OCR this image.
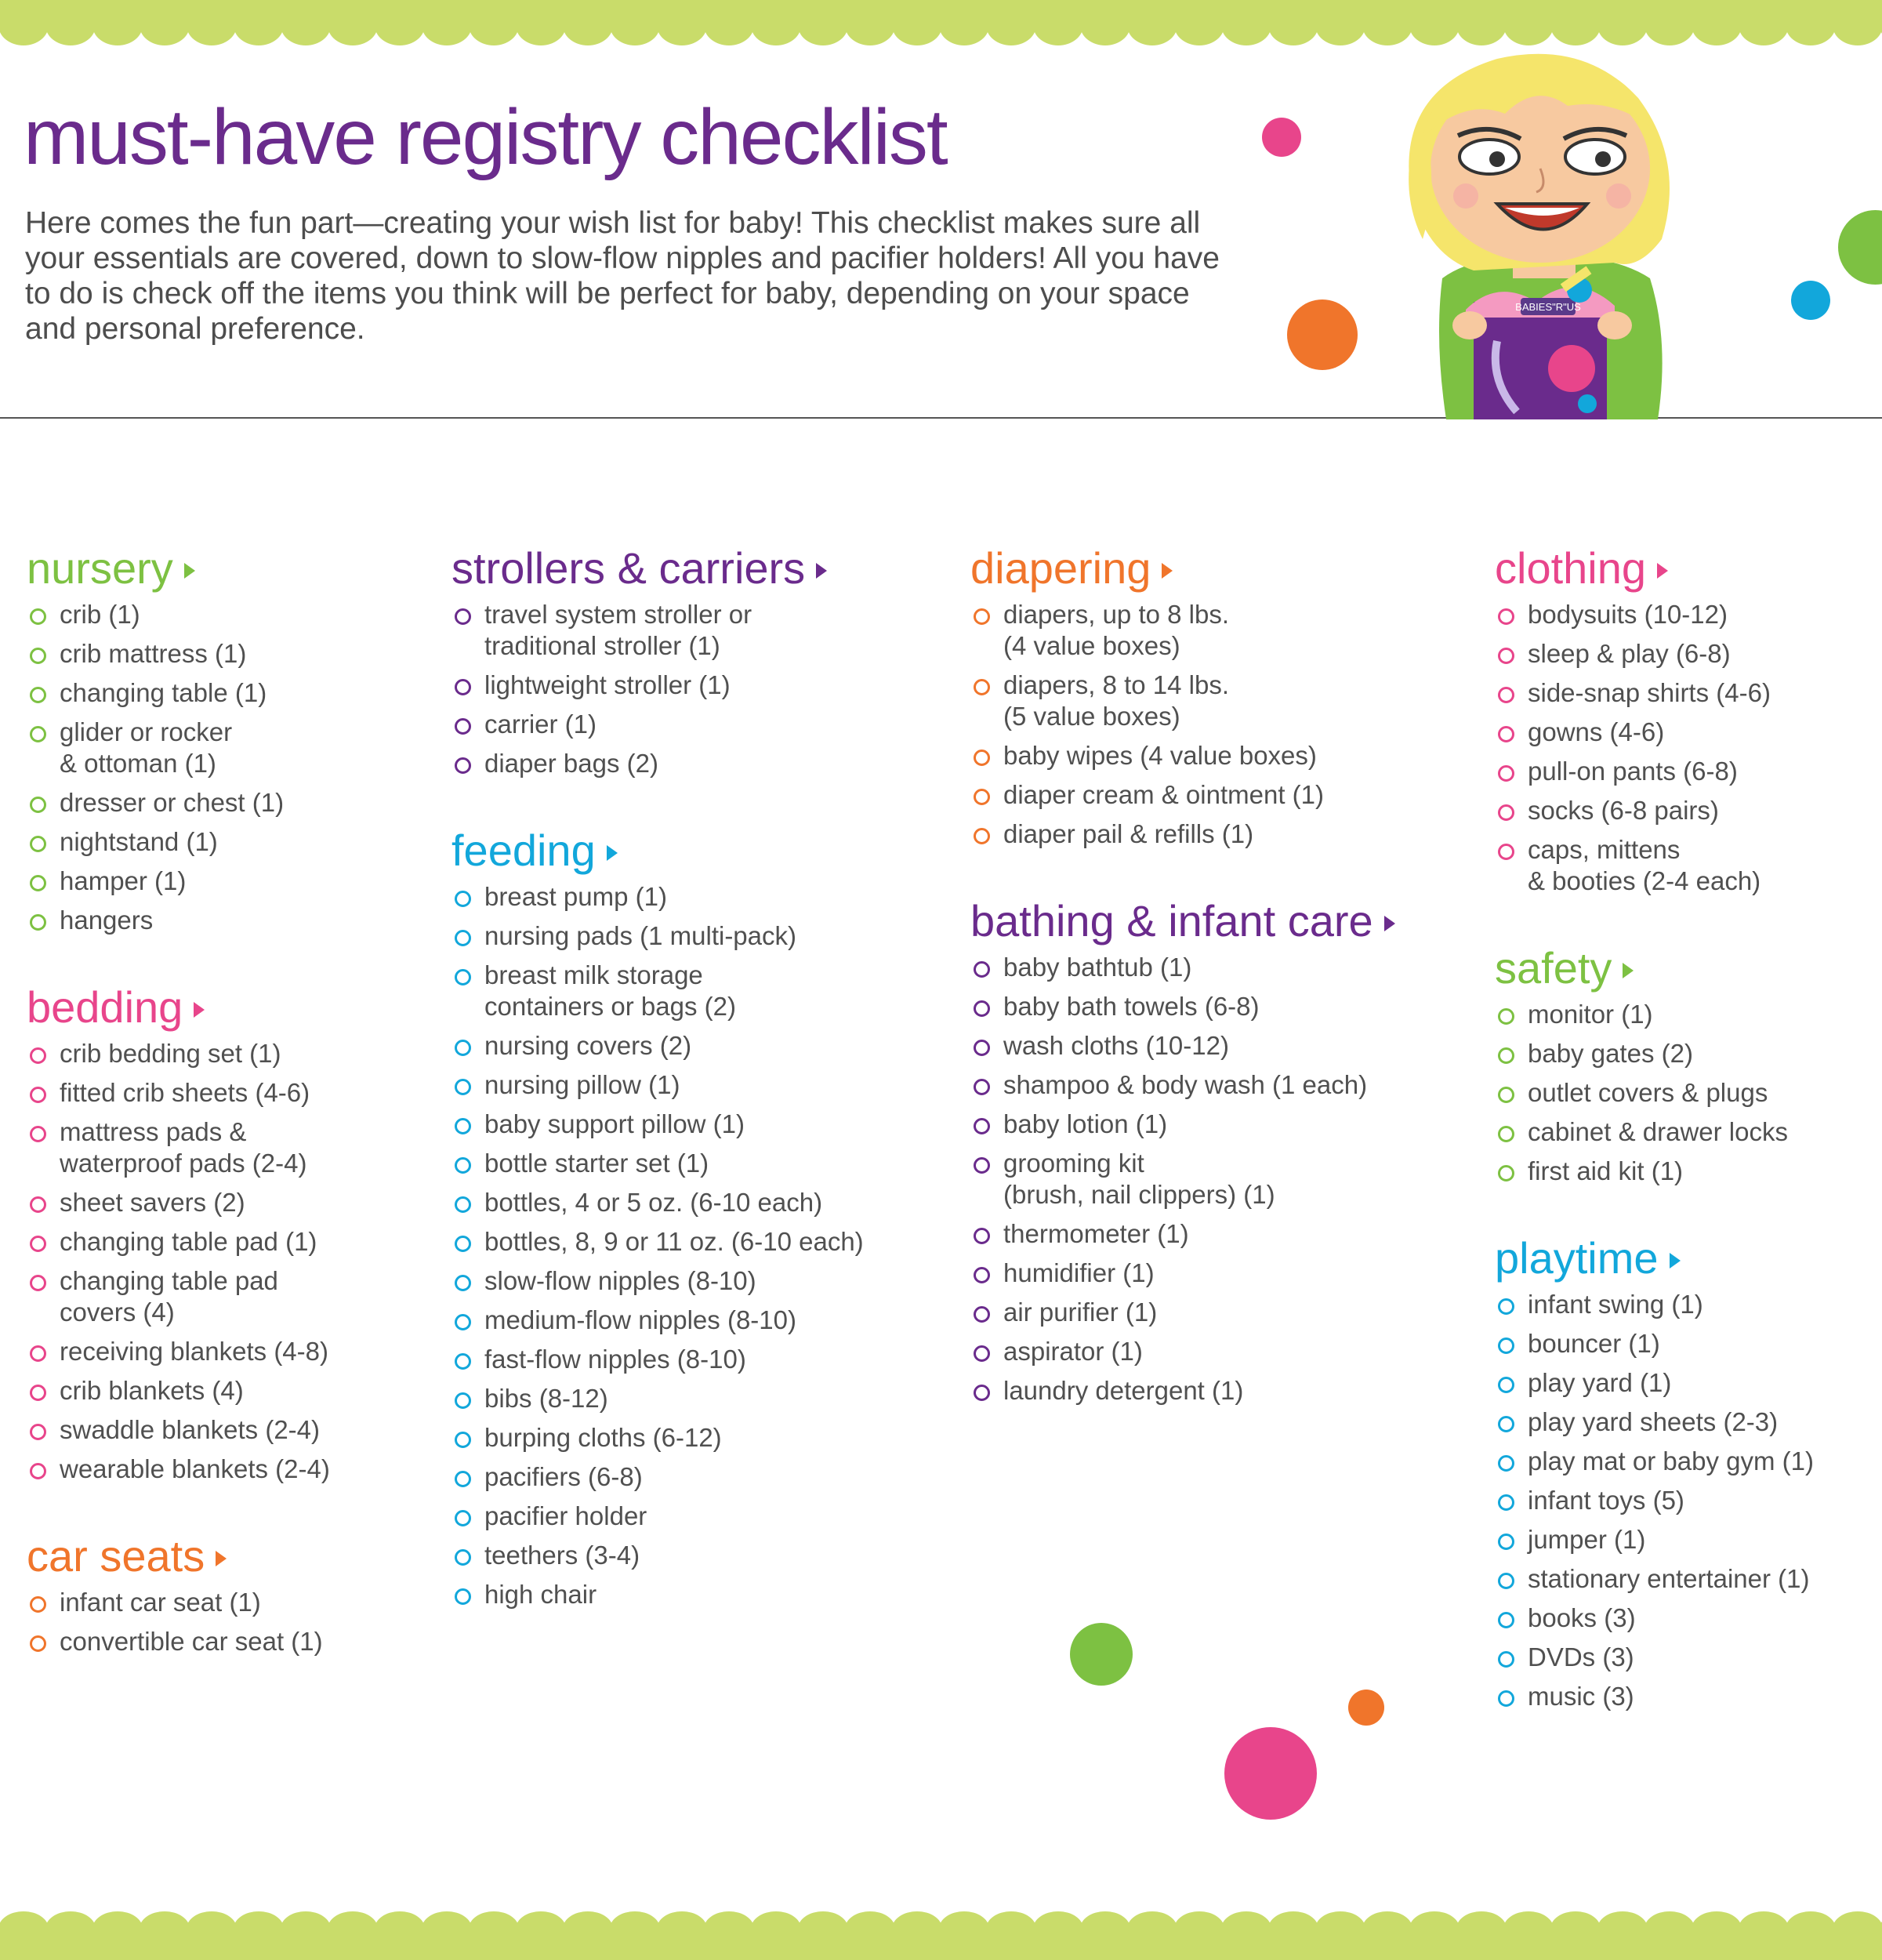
must-have registry checklist

Here comes the fun part—creating your wish list for baby! This checklist makes sure all your essentials are covered, down to slow-flow nipples and pacifier holders! All you have to do is check off the items you think will be perfect for baby, depending on your space and personal preference.

BABIES"R"US
nursery
crib (1)
crib mattress (1)
changing table (1)
glider or rocker
& ottoman (1)
dresser or chest (1)
nightstand (1)
hamper (1)
hangers
bedding
crib bedding set (1)
fitted crib sheets (4-6)
mattress pads &
waterproof pads (2-4)
sheet savers (2)
changing table pad (1)
changing table pad
covers (4)
receiving blankets (4-8)
crib blankets (4)
swaddle blankets (2-4)
wearable blankets (2-4)
car seats
infant car seat (1)
convertible car seat (1)
strollers & carriers
travel system stroller or
traditional stroller (1)
lightweight stroller (1)
carrier (1)
diaper bags (2)
feeding
breast pump (1)
nursing pads (1 multi-pack)
breast milk storage
containers or bags (2)
nursing covers (2)
nursing pillow (1)
baby support pillow (1)
bottle starter set (1)
bottles, 4 or 5 oz. (6-10 each)
bottles, 8, 9 or 11 oz. (6-10 each)
slow-flow nipples (8-10)
medium-flow nipples (8-10)
fast-flow nipples (8-10)
bibs (8-12)
burping cloths (6-12)
pacifiers (6-8)
pacifier holder
teethers (3-4)
high chair
diapering
diapers, up to 8 lbs.
(4 value boxes)
diapers, 8 to 14 lbs.
(5 value boxes)
baby wipes (4 value boxes)
diaper cream & ointment (1)
diaper pail & refills (1)
bathing & infant care
baby bathtub (1)
baby bath towels (6-8)
wash cloths (10-12)
shampoo & body wash (1 each)
baby lotion (1)
grooming kit
(brush, nail clippers) (1)
thermometer (1)
humidifier (1)
air purifier (1)
aspirator (1)
laundry detergent (1)
clothing
bodysuits (10-12)
sleep & play (6-8)
side-snap shirts (4-6)
gowns (4-6)
pull-on pants (6-8)
socks (6-8 pairs)
caps, mittens
& booties (2-4 each)
safety
monitor (1)
baby gates (2)
outlet covers & plugs
cabinet & drawer locks
first aid kit (1)
playtime
infant swing (1)
bouncer (1)
play yard (1)
play yard sheets (2-3)
play mat or baby gym (1)
infant toys (5)
jumper (1)
stationary entertainer (1)
books (3)
DVDs (3)
music (3)
